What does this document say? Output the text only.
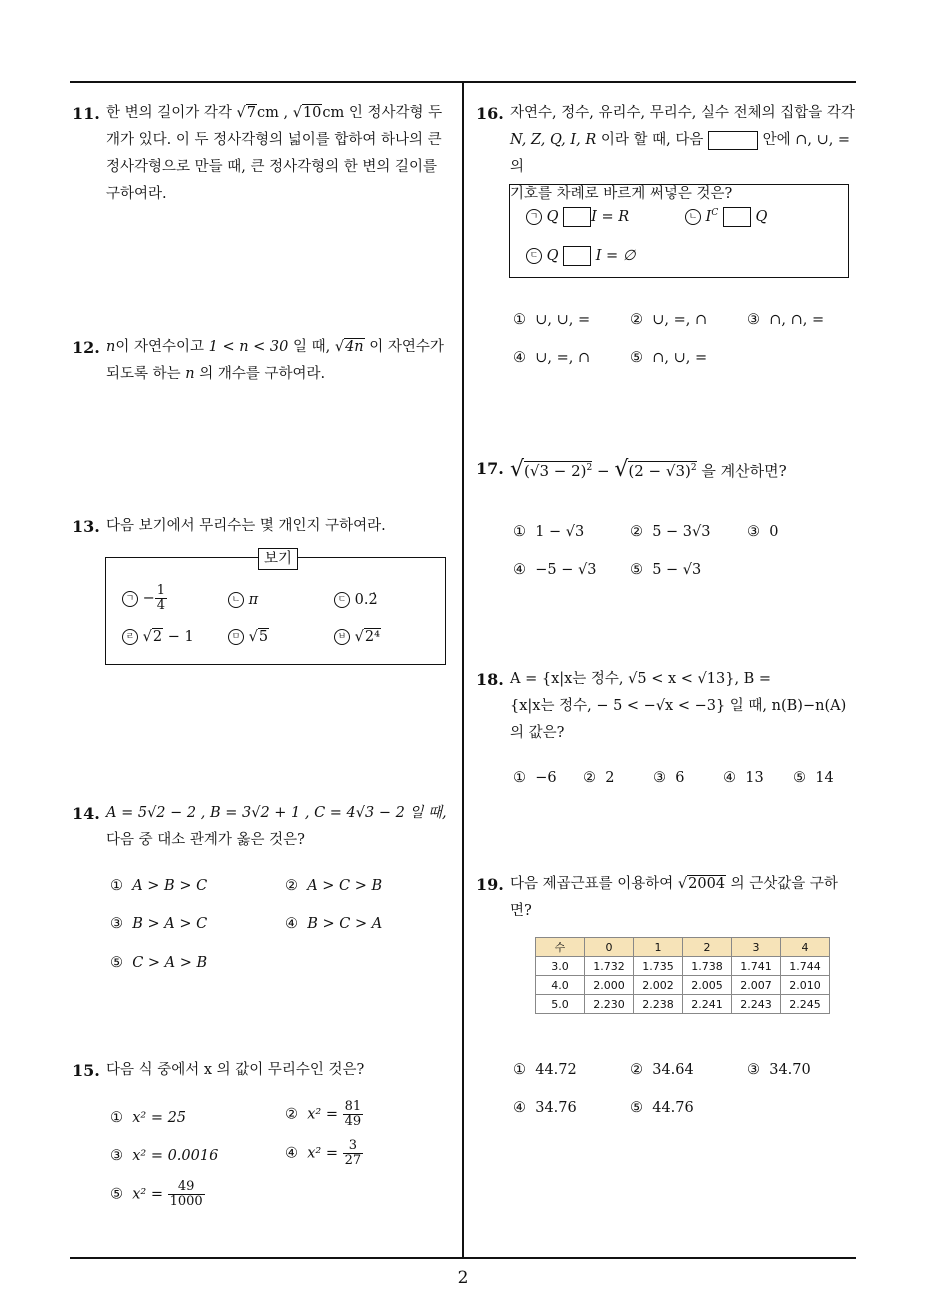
11. 한 변의 길이가 각각 √7cm , √10cm 인 정사각형 두
개가 있다. 이 두 정사각형의 넓이를 합하여 하나의 큰
정사각형으로 만들 때, 큰 정사각형의 한 변의 길이를
구하여라.
12. n이 자연수이고 1 < n < 30 일 때, √4n 이 자연수가
되도록 하는 n 의 개수를 구하여라.
13. 다음 보기에서 무리수는 몇 개인지 구하여라.
보기
ㄱ − $\frac{1}{4}$	ㄴ π	ㄷ 0.2̇
ㄹ √2 − 1	ㅁ √5	ㅂ √2⁴
14. A = 5√2 − 2 , B = 3√2 + 1 , C = 4√3 − 2 일 때,
다음 중 대소 관계가 옳은 것은?
① A > B > C	② A > C > B
③ B > A > C	④ B > C > A
⑤ C > A > B
15. 다음 식 중에서 x 의 값이 무리수인 것은?
① x² = 25	② $x^2 = \frac{81}{49}$
③ x² = 0.0016	④ $x^2 = \frac{3}{27}$
⑤ $x^2 = \frac{49}{1000}$
16. 자연수, 정수, 유리수, 무리수, 실수 전체의 집합을 각각
N, Z, Q, I, R 이라 할 때, 다음	안에 ∩, ∪, = 의
기호를 차례로 바르게 써넣은 것은?
ㄱ Q I = R	ㄴ $I^C$	Q
ㄷ Q	I = ∅
① ∪, ∪, =	② ∪, =, ∩	③ ∩, ∩, =
④ ∪, =, ∩	⑤ ∩, ∪, =
17. $√(√3 - 2)^2 - √(2 - √3)^2$ 을 계산하면?
① 1 − √3	② 5 − 3√3	③ 0
④ −5 − √3 ⑤ 5 − √3
18. A = {x|x는 정수, √5 < x < √13}, B =
{x|x는 정수, − 5 < −√x < −3} 일 때, n(B)−n(A)
의 값은?
① −6 ② 2	③ 6	④ 13 ⑤ 14
19. 다음 제곱근표를 이용하여 √2004 의 근삿값을 구하
면?
수	0	1	2	3	4
3.0	1.732	1.735	1.738	1.741	1.744
4.0	2.000	2.002	2.005	2.007	2.010
5.0	2.230	2.238	2.241	2.243	2.245
① 44.72	② 34.64	③ 34.70
④ 34.76	⑤ 44.76
2
